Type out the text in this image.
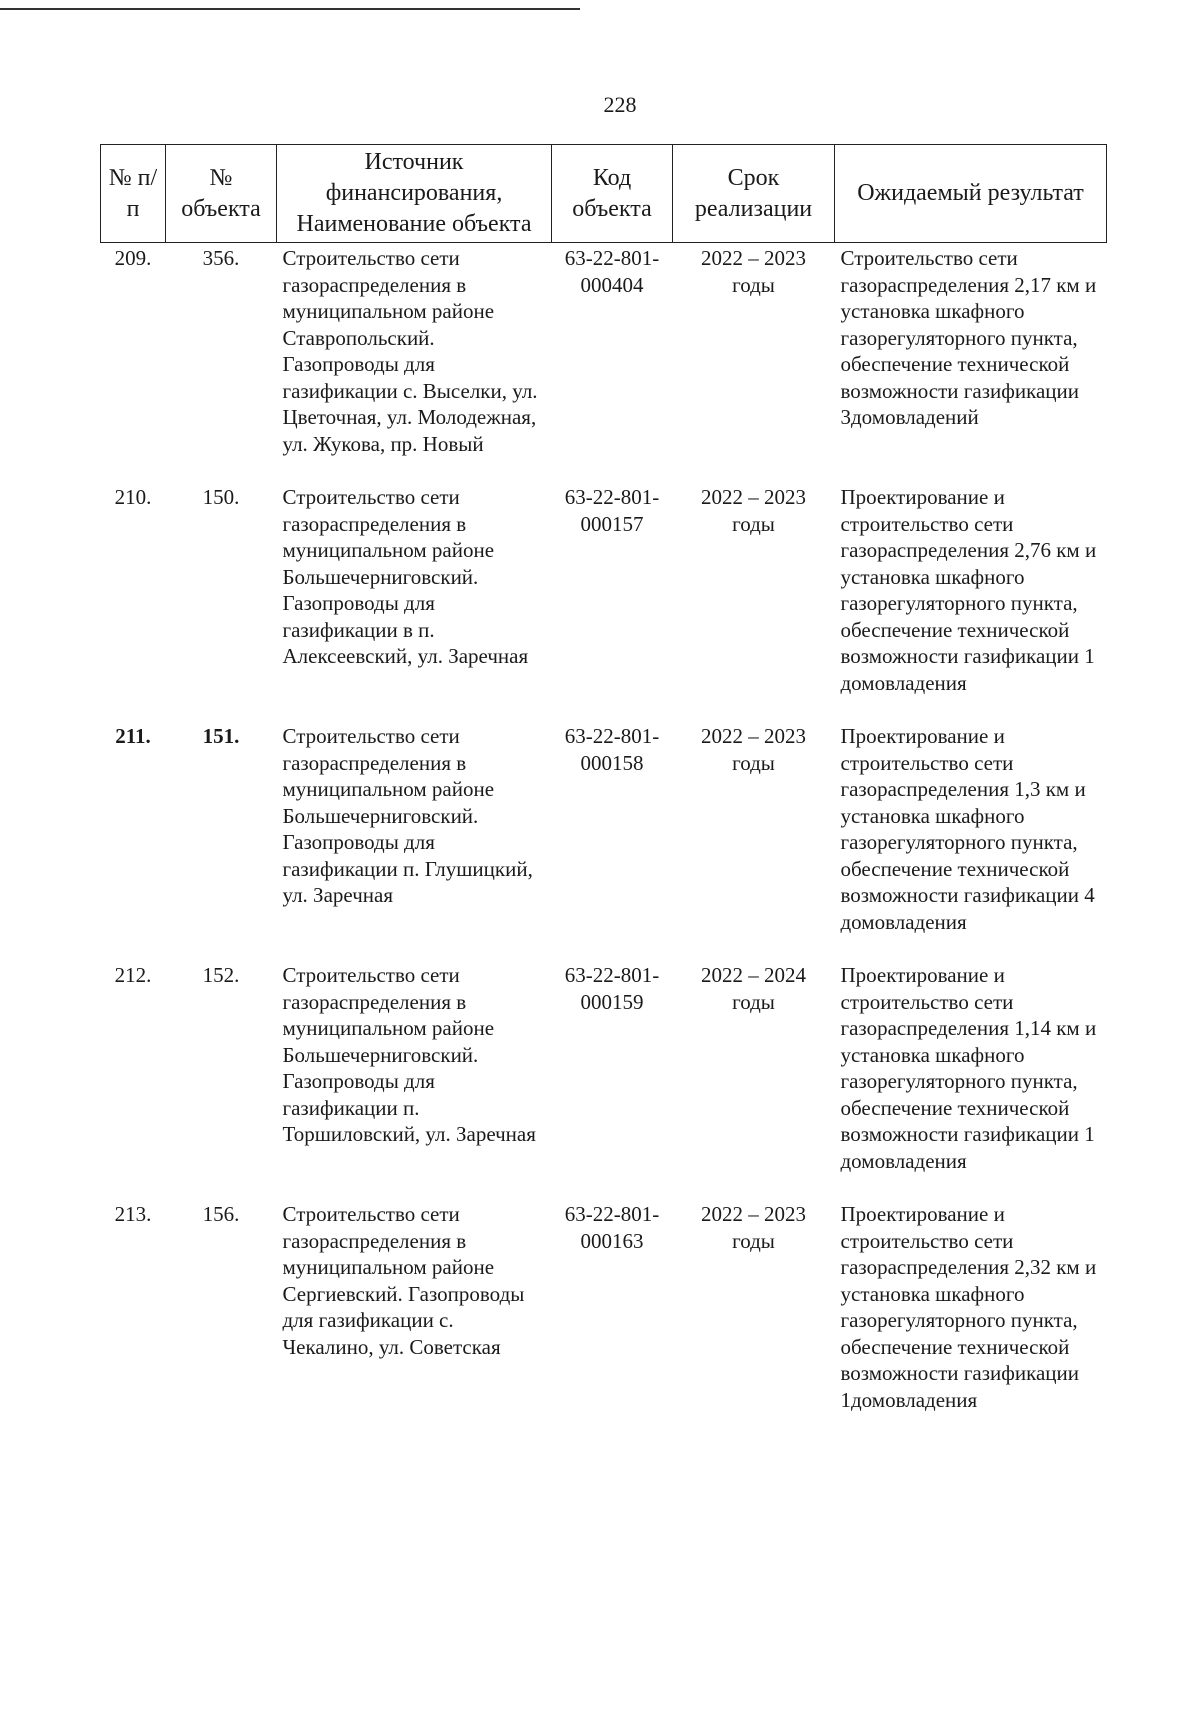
228
№ п/п	№ объекта	Источник финансирования, Наименование объекта	Код объекта	Срок реализации	Ожидаемый результат
209.	356.	Строительство сети газораспределения в муниципальном районе Ставропольский. Газопроводы для газификации с. Выселки, ул. Цветочная, ул. Молодежная, ул. Жукова, пр. Новый	63-22-801-000404	2022 – 2023 годы	Строительство сети газораспределения 2,17 км и установка шкафного газорегуляторного пункта, обеспечение технической возможности газификации 3домовладений
210.	150.	Строительство сети газораспределения в муниципальном районе Большечерниговский. Газопроводы для газификации в п. Алексеевский, ул. Заречная	63-22-801-000157	2022 – 2023 годы	Проектирование и строительство сети газораспределения 2,76 км и установка шкафного газорегуляторного пункта, обеспечение технической возможности газификации 1 домовладения
211.	151.	Строительство сети газораспределения в муниципальном районе Большечерниговский. Газопроводы для газификации п. Глушицкий, ул. Заречная	63-22-801-000158	2022 – 2023 годы	Проектирование и строительство сети газораспределения 1,3 км и установка шкафного газорегуляторного пункта, обеспечение технической возможности газификации 4 домовладения
212.	152.	Строительство сети газораспределения в муниципальном районе Большечерниговский. Газопроводы для газификации п. Торшиловский, ул. Заречная	63-22-801-000159	2022 – 2024 годы	Проектирование и строительство сети газораспределения 1,14 км и установка шкафного газорегуляторного пункта, обеспечение технической возможности газификации 1 домовладения
213.	156.	Строительство сети газораспределения в муниципальном районе Сергиевский. Газопроводы для газификации с. Чекалино, ул. Советская	63-22-801-000163	2022 – 2023 годы	Проектирование и строительство сети газораспределения 2,32 км и установка шкафного газорегуляторного пункта, обеспечение технической возможности газификации 1домовладения
